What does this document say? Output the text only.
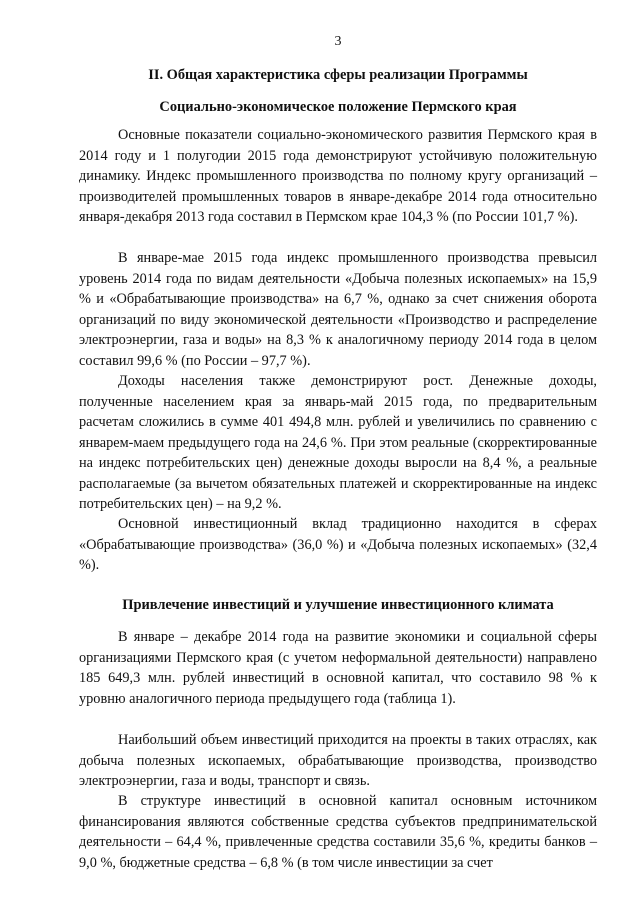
3
II. Общая характеристика сферы реализации Программы
Социально-экономическое положение Пермского края

Основные показатели социально-экономического развития Пермского края в 2014 году и 1 полугодии 2015 года демонстрируют устойчивую положительную динамику. Индекс промышленного производства по полному кругу организаций – производителей промышленных товаров в январе-декабре 2014 года относительно января-декабря 2013 года составил в Пермском крае 104,3 % (по России 101,7 %).

В январе-мае 2015 года индекс промышленного производства превысил уровень 2014 года по видам деятельности «Добыча полезных ископаемых» на 15,9 % и «Обрабатывающие производства» на 6,7 %, однако за счет снижения оборота организаций по виду экономической деятельности «Производство и распределение электроэнергии, газа и воды» на 8,3 % к аналогичному периоду 2014 года в целом составил 99,6 % (по России – 97,7 %).

Доходы населения также демонстрируют рост. Денежные доходы, полученные населением края за январь-май 2015 года, по предварительным расчетам сложились в сумме 401 494,8 млн. рублей и увеличились по сравнению с январем-маем предыдущего года на 24,6 %. При этом реальные (скорректированные на индекс потребительских цен) денежные доходы выросли на 8,4 %, а реальные располагаемые (за вычетом обязательных платежей и скорректированные на индекс потребительских цен) – на 9,2 %.

Основной инвестиционный вклад традиционно находится в сферах «Обрабатывающие производства» (36,0 %) и «Добыча полезных ископаемых» (32,4 %).

Привлечение инвестиций и улучшение инвестиционного климата

В январе – декабре 2014 года на развитие экономики и социальной сферы организациями Пермского края (с учетом неформальной деятельности) направлено 185 649,3 млн. рублей инвестиций в основной капитал, что составило 98 % к уровню аналогичного периода предыдущего года (таблица 1).

Наибольший объем инвестиций приходится на проекты в таких отраслях, как добыча полезных ископаемых, обрабатывающие производства, производство электроэнергии, газа и воды, транспорт и связь.

В структуре инвестиций в основной капитал основным источником финансирования являются собственные средства субъектов предпринимательской деятельности – 64,4 %, привлеченные средства составили 35,6 %, кредиты банков – 9,0 %, бюджетные средства – 6,8 % (в том числе инвестиции за счет
